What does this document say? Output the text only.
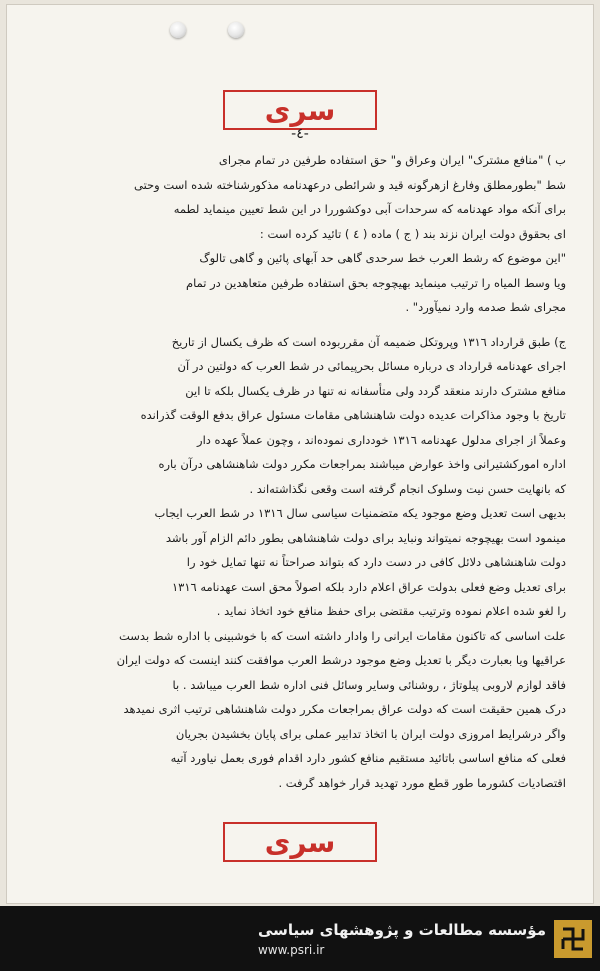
سری
-٤-
ب ) "منافع مشترک" ایران وعراق و" حق استفاده طرفین در تمام مجرای
شط "بطورمطلق وفارغ ازهرگونه قید و شرائطی درعهدنامه مذکورشناخته شده است وحتی
برای آنکه مواد عهدنامه که سرحدات آبی دوکشوررا در این شط تعیین مینماید لطمه
ای بحقوق دولت ایران نزند بند ( ج ) ماده ( ٤ ) تائید کرده است :
"این موضوع که رشط العرب خط سرحدی گاهی حد آبهای پائین و گاهی تالوگ
ویا وسط المیاه را ترتیب مینماید بهیچوجه بحق استفاده طرفین متعاهدین در تمام
مجرای شط صدمه وارد نمیآورد" .
ج) طبق قرارداد ۱۳۱٦ وپروتکل ضمیمه آن مقرربوده است که ظرف یکسال از تاریخ
اجرای عهدنامه قرارداد ی درباره مسائل بحرپیمائی در شط العرب که دولتین در آن
منافع مشترک دارند منعقد گردد ولی متأسفانه نه تنها در ظرف یکسال بلکه تا این
تاریخ با وجود مذاکرات عدیده دولت شاهنشاهی مقامات مسئول عراق بدفع الوقت گذرانده
وعملاً از اجرای مدلول عهدنامه ۱۳۱٦ خودداری نموده‌اند ، وچون عملاً عهده دار
اداره امورکشتیرانی واخذ عوارض میباشند بمراجعات مکرر دولت شاهنشاهی درآن باره
که بانهایت حسن نیت وسلوک انجام گرفته است وقعی نگذاشته‌اند .
بدیهی است تعدیل وضع موجود یکه متضمنیات سیاسی سال ۱۳۱٦ در شط العرب ایجاب
مینمود است بهیچوجه نمیتواند ونباید برای دولت شاهنشاهی بطور دائم الزام آور باشد
دولت شاهنشاهی دلائل کافی در دست دارد که بتواند صراحتاً نه تنها تمایل خود را
برای تعدیل وضع فعلی بدولت عراق اعلام دارد بلکه اصولاً محق است عهدنامه ۱۳۱٦
را لغو شده اعلام نموده وترتیب مقتضی برای حفظ منافع خود اتخاذ نماید .
علت اساسی که تاکنون مقامات ایرانی را وادار داشته است که با خوشبینی با اداره شط بدست
عراقیها ویا بعبارت دیگر با تعدیل وضع موجود درشط العرب موافقت کنند اینست که دولت ایران
فاقد لوازم لاروبی پیلوتاژ ، روشنائی وسایر وسائل فنی اداره شط العرب میباشد . با
درک همین حقیقت است که دولت عراق بمراجعات مکرر دولت شاهنشاهی ترتیب اثری نمیدهد
واگر درشرایط امروزی دولت ایران با اتخاذ تدابیر عملی برای پایان بخشیدن بجریان
فعلی که منافع اساسی باتائید مستقیم منافع کشور دارد اقدام فوری بعمل نیاورد آتیه
اقتصادیات کشورما طور قطع مورد تهدید قرار خواهد گرفت .
سری
مؤسسه مطالعات و پژوهشهای سیاسی
www.psri.ir
